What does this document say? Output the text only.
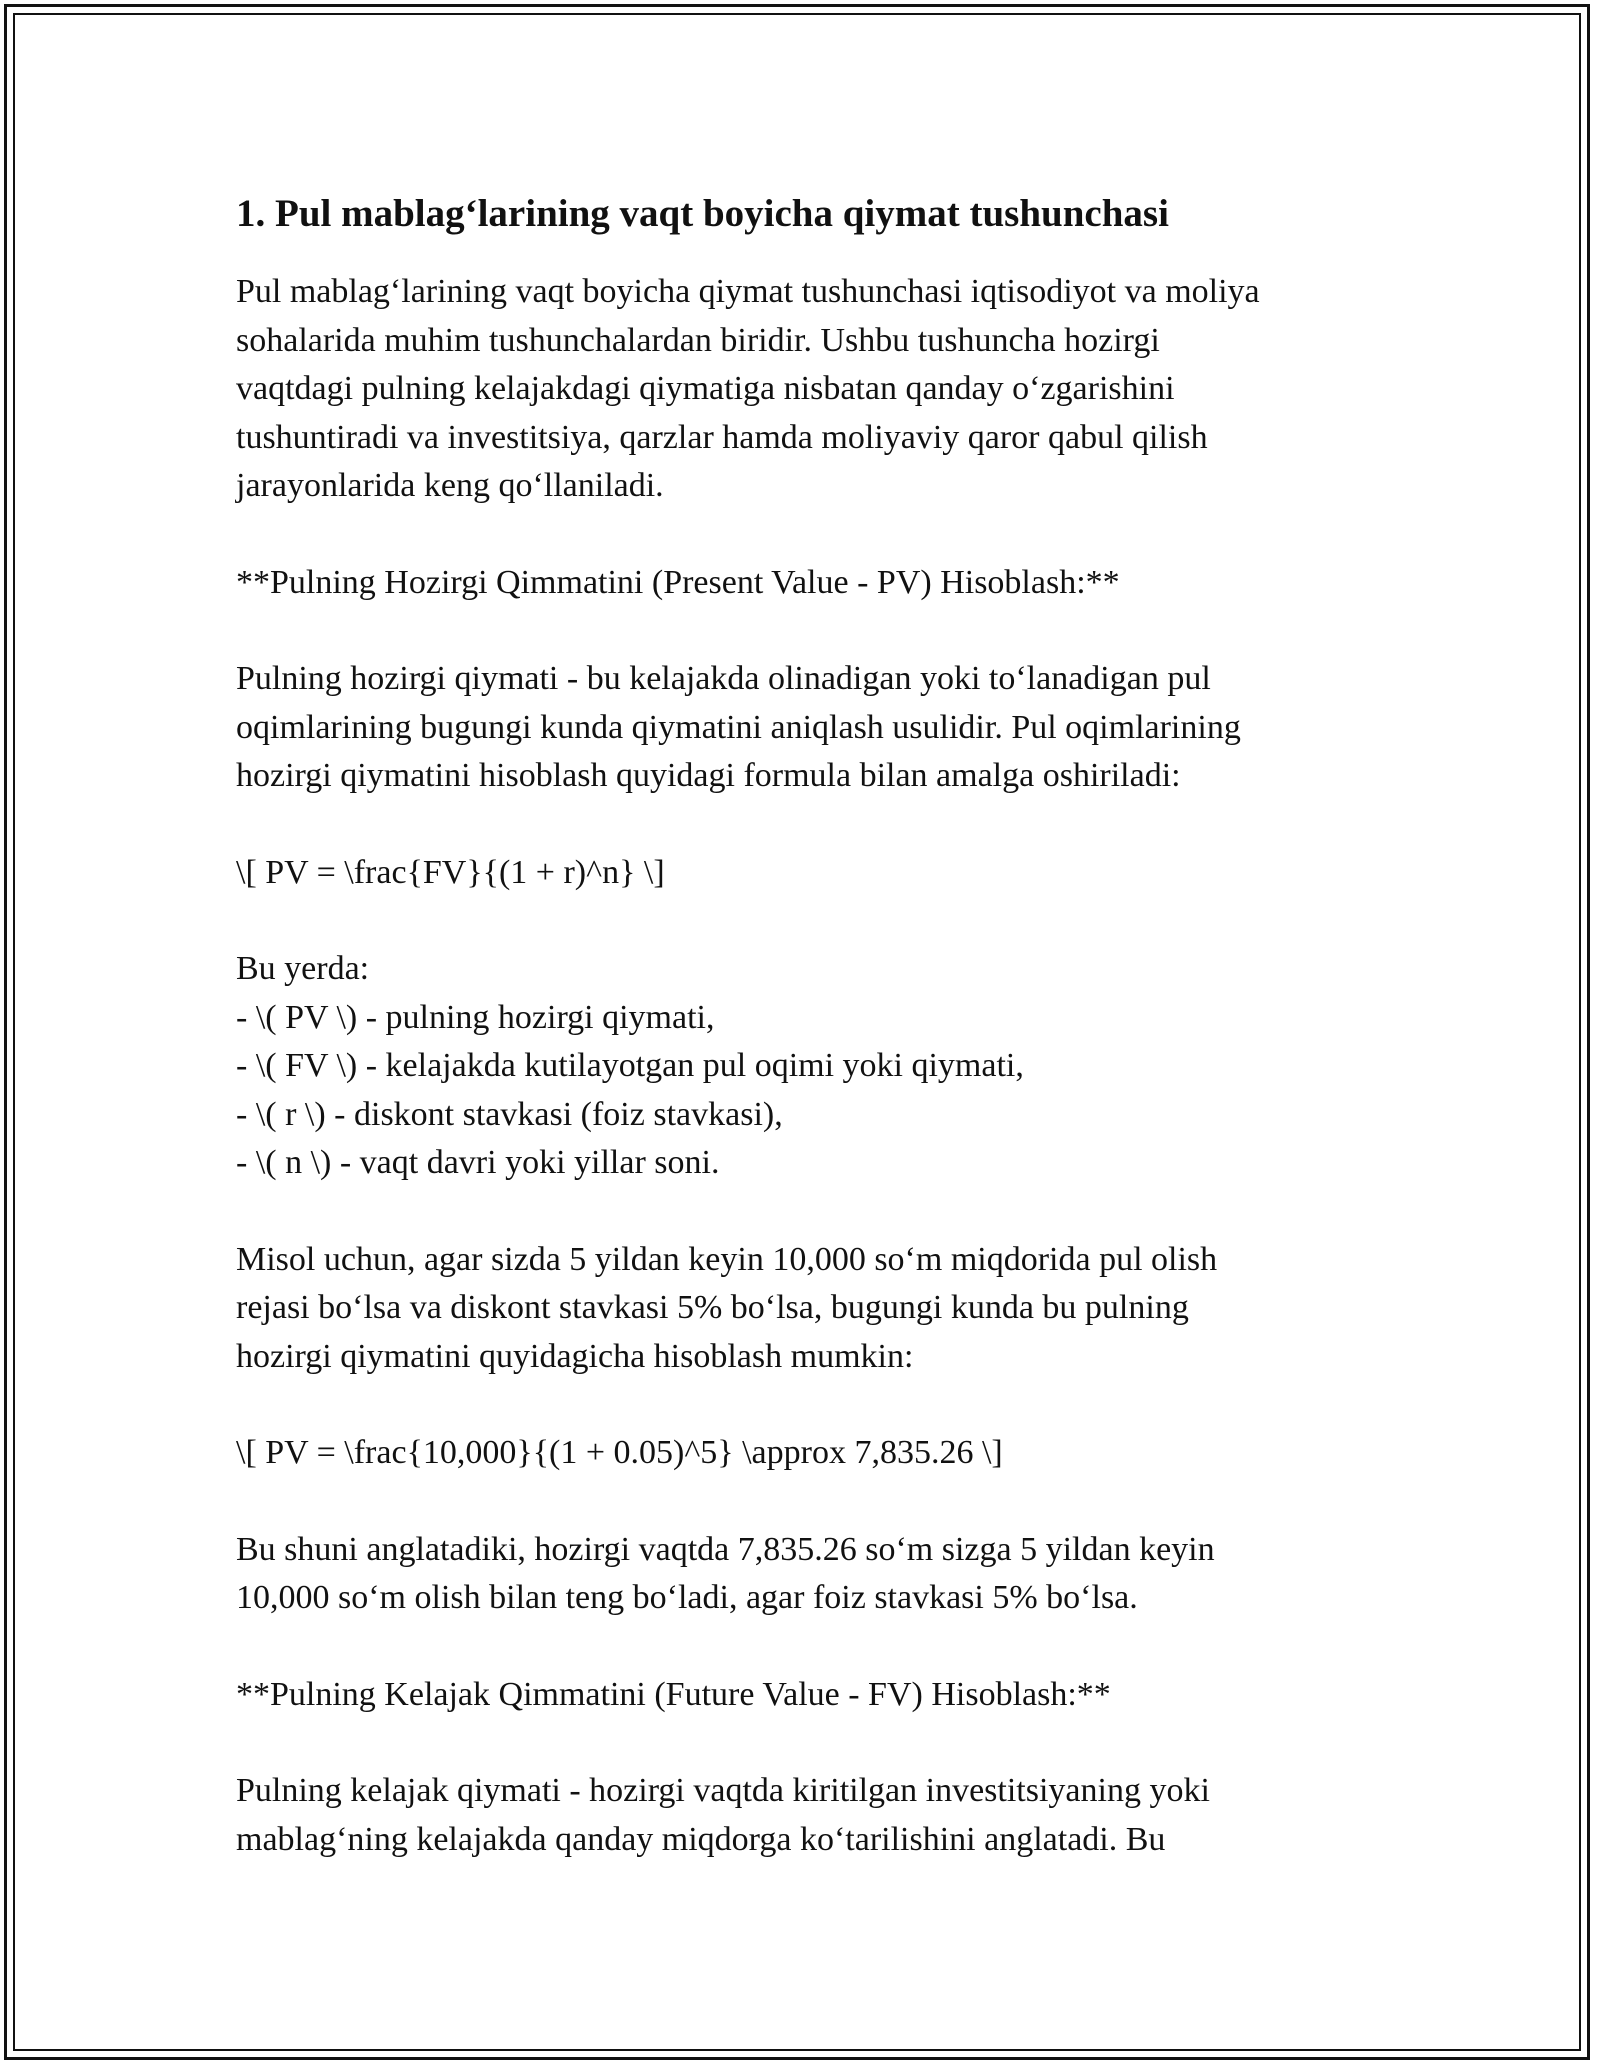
1. Pul mablag‘larining vaqt boyicha qiymat tushunchasi

Pul mablag‘larining vaqt boyicha qiymat tushunchasi iqtisodiyot va moliya
sohalarida muhim tushunchalardan biridir. Ushbu tushuncha hozirgi
vaqtdagi pulning kelajakdagi qiymatiga nisbatan qanday o‘zgarishini
tushuntiradi va investitsiya, qarzlar hamda moliyaviy qaror qabul qilish
jarayonlarida keng qo‘llaniladi.

**Pulning Hozirgi Qimmatini (Present Value - PV) Hisoblash:**

Pulning hozirgi qiymati - bu kelajakda olinadigan yoki to‘lanadigan pul
oqimlarining bugungi kunda qiymatini aniqlash usulidir. Pul oqimlarining
hozirgi qiymatini hisoblash quyidagi formula bilan amalga oshiriladi:

\[ PV = \frac{FV}{(1 + r)^n} \]

Bu yerda:
- \( PV \) - pulning hozirgi qiymati,
- \( FV \) - kelajakda kutilayotgan pul oqimi yoki qiymati,
- \( r \) - diskont stavkasi (foiz stavkasi),
- \( n \) - vaqt davri yoki yillar soni.

Misol uchun, agar sizda 5 yildan keyin 10,000 so‘m miqdorida pul olish
rejasi bo‘lsa va diskont stavkasi 5% bo‘lsa, bugungi kunda bu pulning
hozirgi qiymatini quyidagicha hisoblash mumkin:

\[ PV = \frac{10,000}{(1 + 0.05)^5} \approx 7,835.26 \]

Bu shuni anglatadiki, hozirgi vaqtda 7,835.26 so‘m sizga 5 yildan keyin
10,000 so‘m olish bilan teng bo‘ladi, agar foiz stavkasi 5% bo‘lsa.

**Pulning Kelajak Qimmatini (Future Value - FV) Hisoblash:**

Pulning kelajak qiymati - hozirgi vaqtda kiritilgan investitsiyaning yoki
mablag‘ning kelajakda qanday miqdorga ko‘tarilishini anglatadi. Bu
